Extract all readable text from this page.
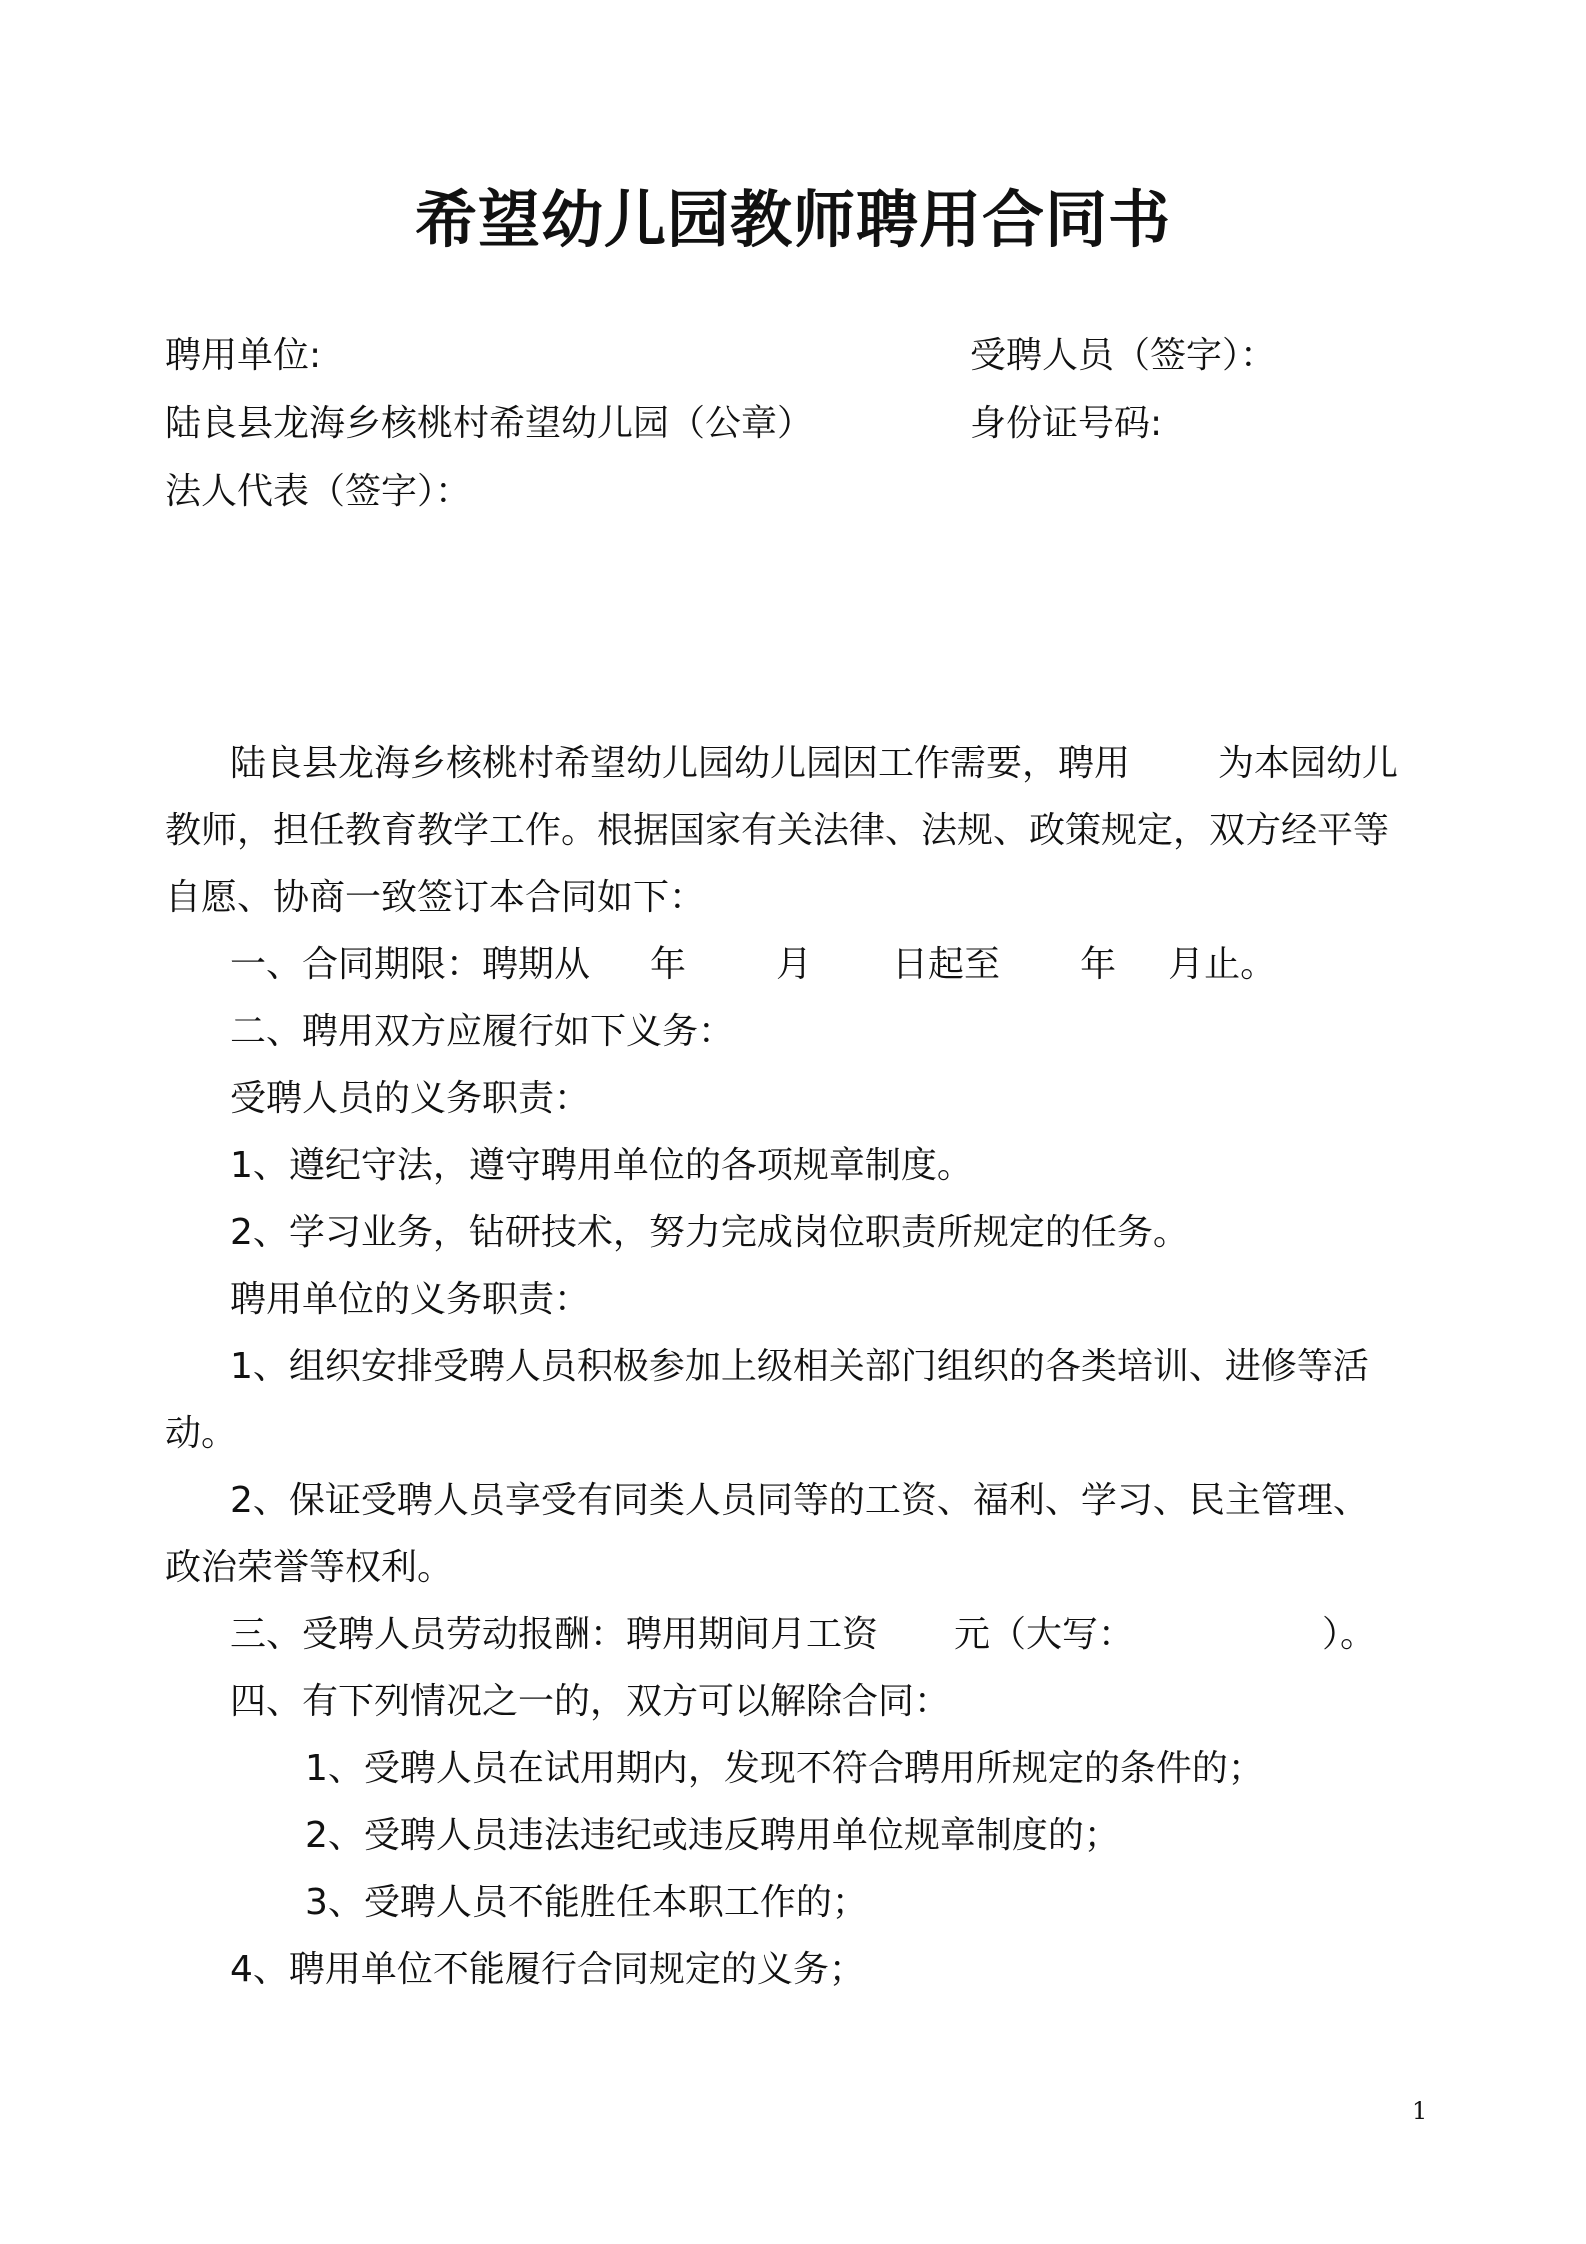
希望幼儿园教师聘用合同书
聘用单位:	受聘人员（签字）：
陆良县龙海乡核桃村希望幼儿园（公章）	身份证号码:
法人代表（签字）：

陆良县龙海乡核桃村希望幼儿园幼儿园因工作需要，聘用 为本园幼儿

教师，担任教育教学工作。根据国家有关法律、法规、政策规定，双方经平等

自愿、协商一致签订本合同如下：

一、合同期限：聘期从 年	月 日起至 年 月止。

二、聘用双方应履行如下义务：

受聘人员的义务职责：

1、遵纪守法，遵守聘用单位的各项规章制度。

2、学习业务，钻研技术，努力完成岗位职责所规定的任务。

聘用单位的义务职责：

1、组织安排受聘人员积极参加上级相关部门组织的各类培训、进修等活

动。

2、保证受聘人员享受有同类人员同等的工资、福利、学习、民主管理、

政治荣誉等权利。

三、受聘人员劳动报酬：聘用期间月工资 元（大写：	）。

四、有下列情况之一的，双方可以解除合同：

1、受聘人员在试用期内，发现不符合聘用所规定的条件的；

2、受聘人员违法违纪或违反聘用单位规章制度的；

3、受聘人员不能胜任本职工作的；

4、聘用单位不能履行合同规定的义务；

1
